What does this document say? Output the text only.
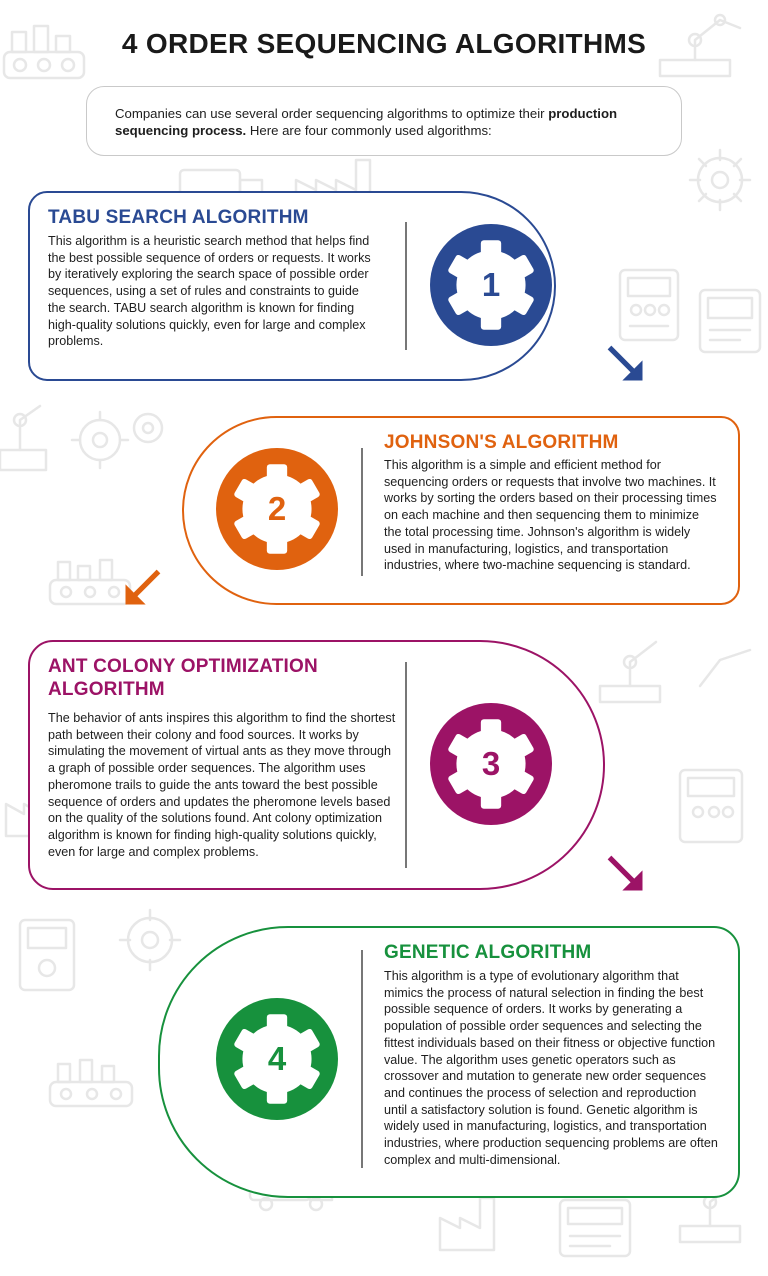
4 ORDER SEQUENCING ALGORITHMS
Companies can use several order sequencing algorithms to optimize their production sequencing process. Here are four commonly used algorithms:
TABU SEARCH ALGORITHM

This algorithm is a heuristic search method that helps find the best possible sequence of orders or requests. It works by iteratively exploring the search space of possible order sequences, using a set of rules and constraints to guide the search. TABU search algorithm is known for finding high-quality solutions quickly, even for large and complex problems.

1
JOHNSON'S ALGORITHM

This algorithm is a simple and efficient method for sequencing orders or requests that involve two machines. It works by sorting the orders based on their processing times on each machine and then sequencing them to minimize the total processing time. Johnson's algorithm is widely used in manufacturing, logistics, and transportation industries, where two-machine sequencing is standard.

2
ANT COLONY OPTIMIZATION
ALGORITHM

The behavior of ants inspires this algorithm to find the shortest path between their colony and food sources. It works by simulating the movement of virtual ants as they move through a graph of possible order sequences. The algorithm uses pheromone trails to guide the ants toward the best possible sequence of orders and updates the pheromone levels based on the quality of the solutions found. Ant colony optimization algorithm is known for finding high-quality solutions quickly, even for large and complex problems.

3
GENETIC ALGORITHM

This algorithm is a type of evolutionary algorithm that mimics the process of natural selection in finding the best possible sequence of orders. It works by generating a population of possible order sequences and selecting the fittest individuals based on their fitness or objective function value. The algorithm uses genetic operators such as crossover and mutation to generate new order sequences and continues the process of selection and reproduction until a satisfactory solution is found. Genetic algorithm is widely used in manufacturing, logistics, and transportation industries, where production sequencing problems are often complex and multi-dimensional.

4
